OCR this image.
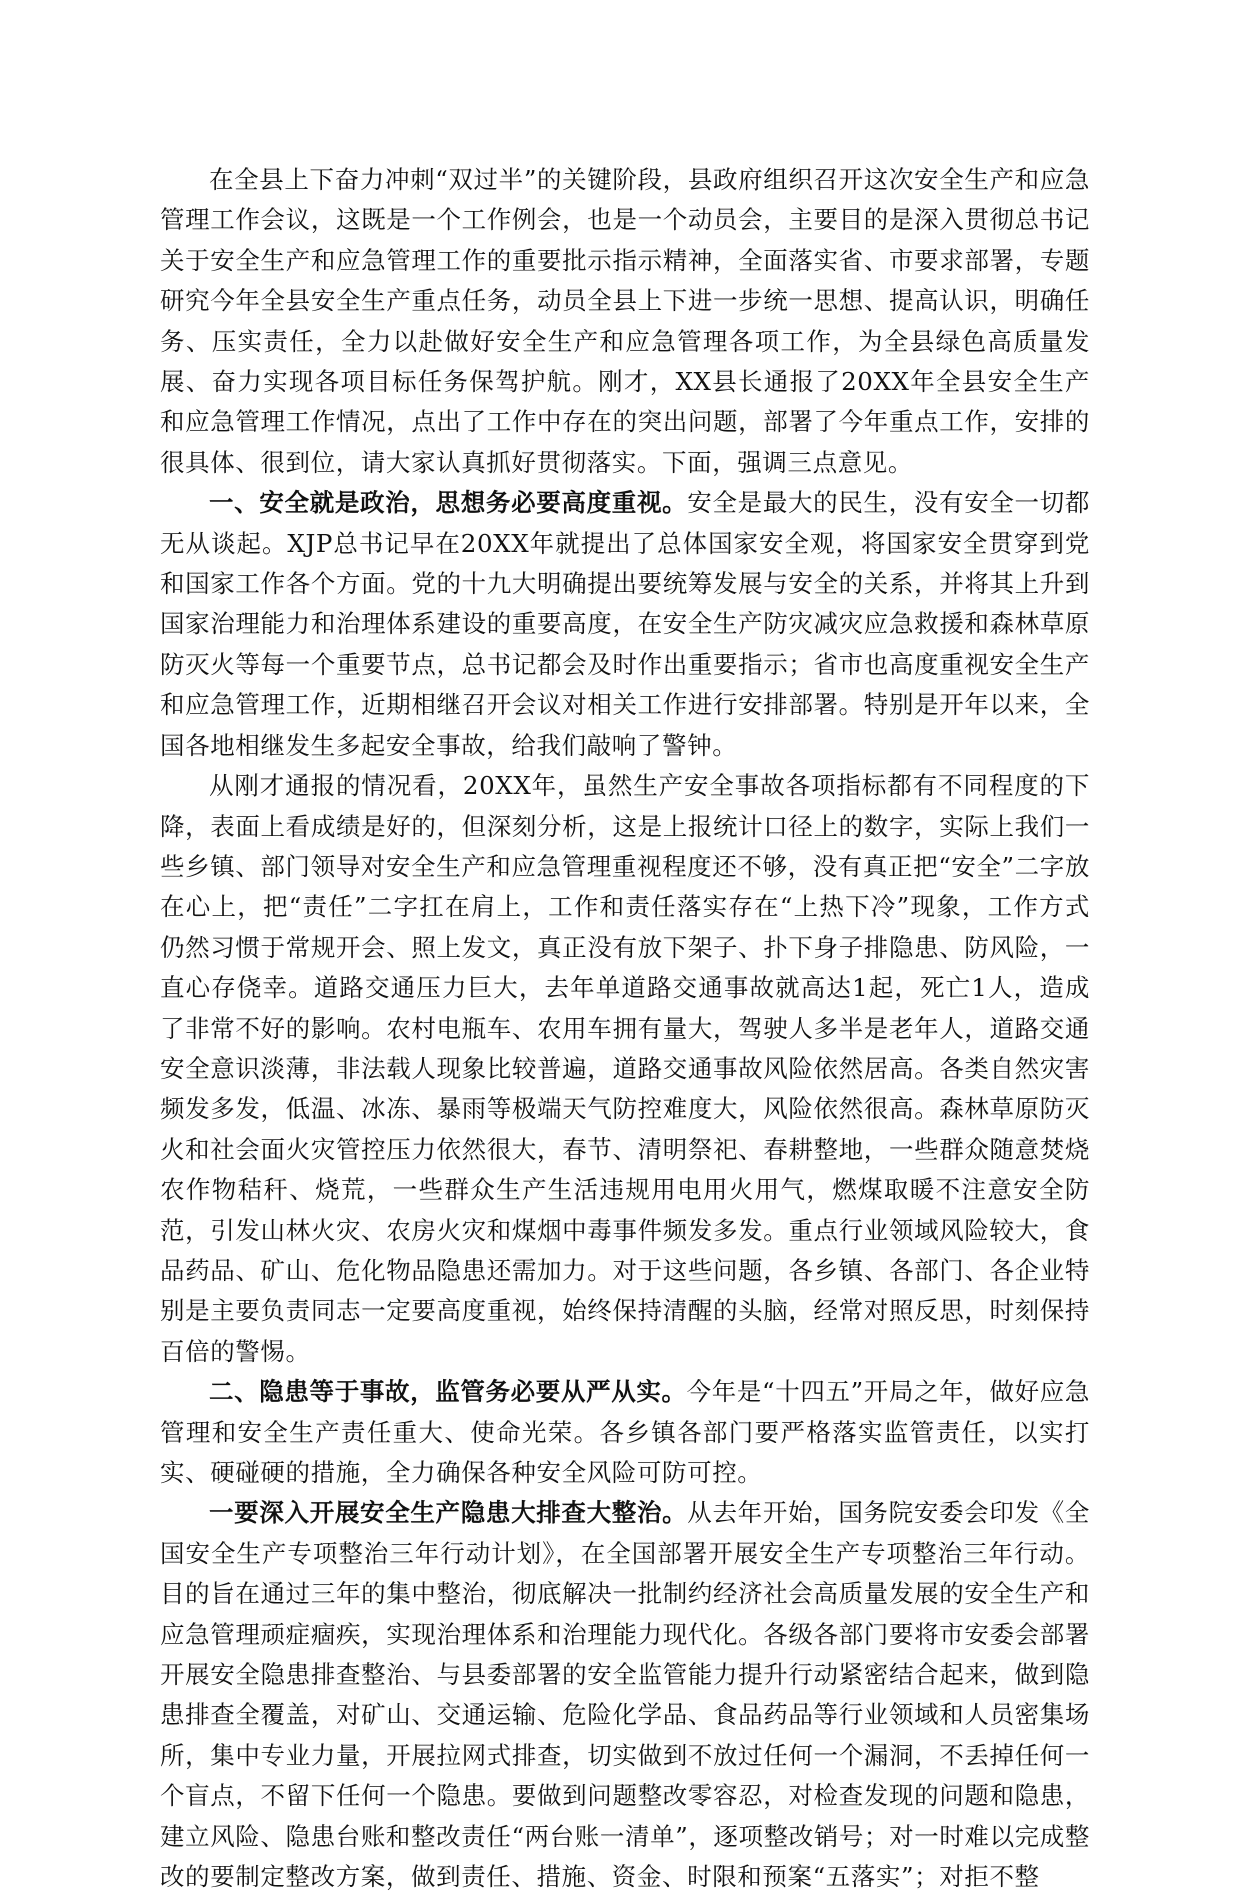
在全县上下奋力冲刺“双过半”的关键阶段，县政府组织召开这次安全生产和应急管理工作会议，这既是一个工作例会，也是一个动员会，主要目的是深入贯彻总书记关于安全生产和应急管理工作的重要批示指示精神，全面落实省、市要求部署，专题研究今年全县安全生产重点任务，动员全县上下进一步统一思想、提高认识，明确任务、压实责任，全力以赴做好安全生产和应急管理各项工作，为全县绿色高质量发展、奋力实现各项目标任务保驾护航。刚才，XX县长通报了20XX年全县安全生产和应急管理工作情况，点出了工作中存在的突出问题，部署了今年重点工作，安排的很具体、很到位，请大家认真抓好贯彻落实。下面，强调三点意见。

一、安全就是政治，思想务必要高度重视。安全是最大的民生，没有安全一切都无从谈起。XJP总书记早在20XX年就提出了总体国家安全观，将国家安全贯穿到党和国家工作各个方面。党的十九大明确提出要统筹发展与安全的关系，并将其上升到国家治理能力和治理体系建设的重要高度，在安全生产防灾减灾应急救援和森林草原防灭火等每一个重要节点，总书记都会及时作出重要指示；省市也高度重视安全生产和应急管理工作，近期相继召开会议对相关工作进行安排部署。特别是开年以来，全国各地相继发生多起安全事故，给我们敲响了警钟。

从刚才通报的情况看，20XX年，虽然生产安全事故各项指标都有不同程度的下降，表面上看成绩是好的，但深刻分析，这是上报统计口径上的数字，实际上我们一些乡镇、部门领导对安全生产和应急管理重视程度还不够，没有真正把“安全”二字放在心上，把“责任”二字扛在肩上，工作和责任落实存在“上热下冷”现象，工作方式仍然习惯于常规开会、照上发文，真正没有放下架子、扑下身子排隐患、防风险，一直心存侥幸。道路交通压力巨大，去年单道路交通事故就高达1起，死亡1人，造成了非常不好的影响。农村电瓶车、农用车拥有量大，驾驶人多半是老年人，道路交通安全意识淡薄，非法载人现象比较普遍，道路交通事故风险依然居高。各类自然灾害频发多发，低温、冰冻、暴雨等极端天气防控难度大，风险依然很高。森林草原防灭火和社会面火灾管控压力依然很大，春节、清明祭祀、春耕整地，一些群众随意焚烧农作物秸秆、烧荒，一些群众生产生活违规用电用火用气，燃煤取暖不注意安全防范，引发山林火灾、农房火灾和煤烟中毒事件频发多发。重点行业领域风险较大，食品药品、矿山、危化物品隐患还需加力。对于这些问题，各乡镇、各部门、各企业特别是主要负责同志一定要高度重视，始终保持清醒的头脑，经常对照反思，时刻保持百倍的警惕。

二、隐患等于事故，监管务必要从严从实。今年是“十四五”开局之年，做好应急管理和安全生产责任重大、使命光荣。各乡镇各部门要严格落实监管责任，以实打实、硬碰硬的措施，全力确保各种安全风险可防可控。

一要深入开展安全生产隐患大排查大整治。从去年开始，国务院安委会印发《全国安全生产专项整治三年行动计划》，在全国部署开展安全生产专项整治三年行动。目的旨在通过三年的集中整治，彻底解决一批制约经济社会高质量发展的安全生产和应急管理顽症痼疾，实现治理体系和治理能力现代化。各级各部门要将市安委会部署开展安全隐患排查整治、与县委部署的安全监管能力提升行动紧密结合起来，做到隐患排查全覆盖，对矿山、交通运输、危险化学品、食品药品等行业领域和人员密集场所，集中专业力量，开展拉网式排查，切实做到不放过任何一个漏洞，不丢掉任何一个盲点，不留下任何一个隐患。要做到问题整改零容忍，对检查发现的问题和隐患，建立风险、隐患台账和整改责任“两台账一清单”，逐项整改销号；对一时难以完成整改的要制定整改方案，做到责任、措施、资金、时限和预案“五落实”；对拒不整
